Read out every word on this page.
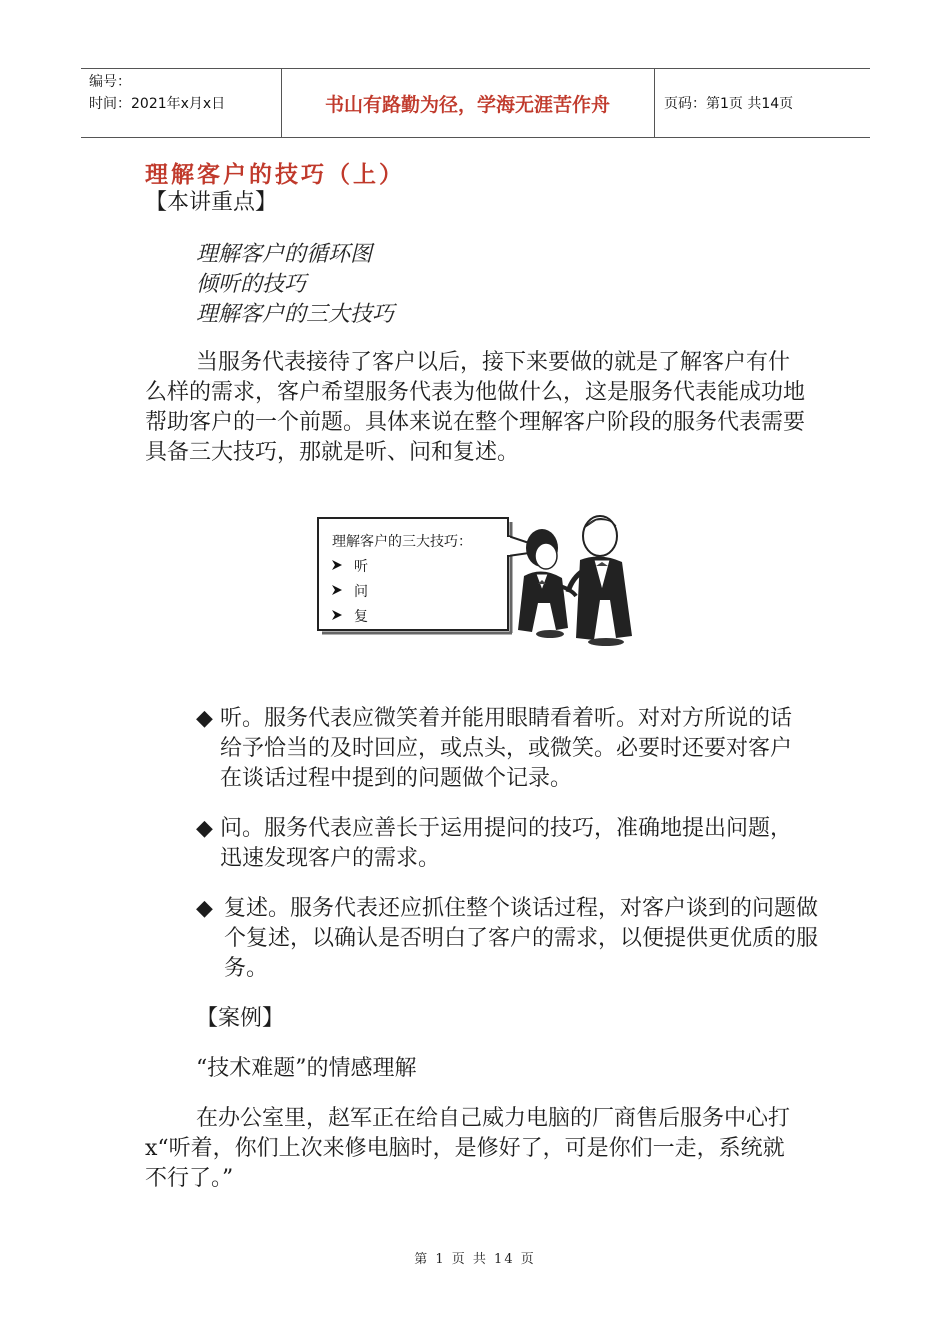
编号：
时间：2021年x月x日	书山有路勤为径，学海无涯苦作舟	页码：第1页 共14页
理解客户的技巧（上）
【本讲重点】
理解客户的循环图
倾听的技巧
理解客户的三大技巧
当服务代表接待了客户以后，接下来要做的就是了解客户有什么样的需求，客户希望服务代表为他做什么，这是服务代表能成功地帮助客户的一个前题。具体来说在整个理解客户阶段的服务代表需要具备三大技巧，那就是听、问和复述。
理解客户的三大技巧：
听
问
复
◆ 听。服务代表应微笑着并能用眼睛看着听。对对方所说的话给予恰当的及时回应，或点头，或微笑。必要时还要对客户在谈话过程中提到的问题做个记录。
◆ 问。服务代表应善长于运用提问的技巧，准确地提出问题，迅速发现客户的需求。
◆ 复述。服务代表还应抓住整个谈话过程，对客户谈到的问题做个复述，以确认是否明白了客户的需求，以便提供更优质的服务。
【案例】
“技术难题”的情感理解
在办公室里，赵军正在给自己威力电脑的厂商售后服务中心打x“听着，你们上次来修电脑时，是修好了，可是你们一走，系统就不行了。”
第 1 页 共 14 页
